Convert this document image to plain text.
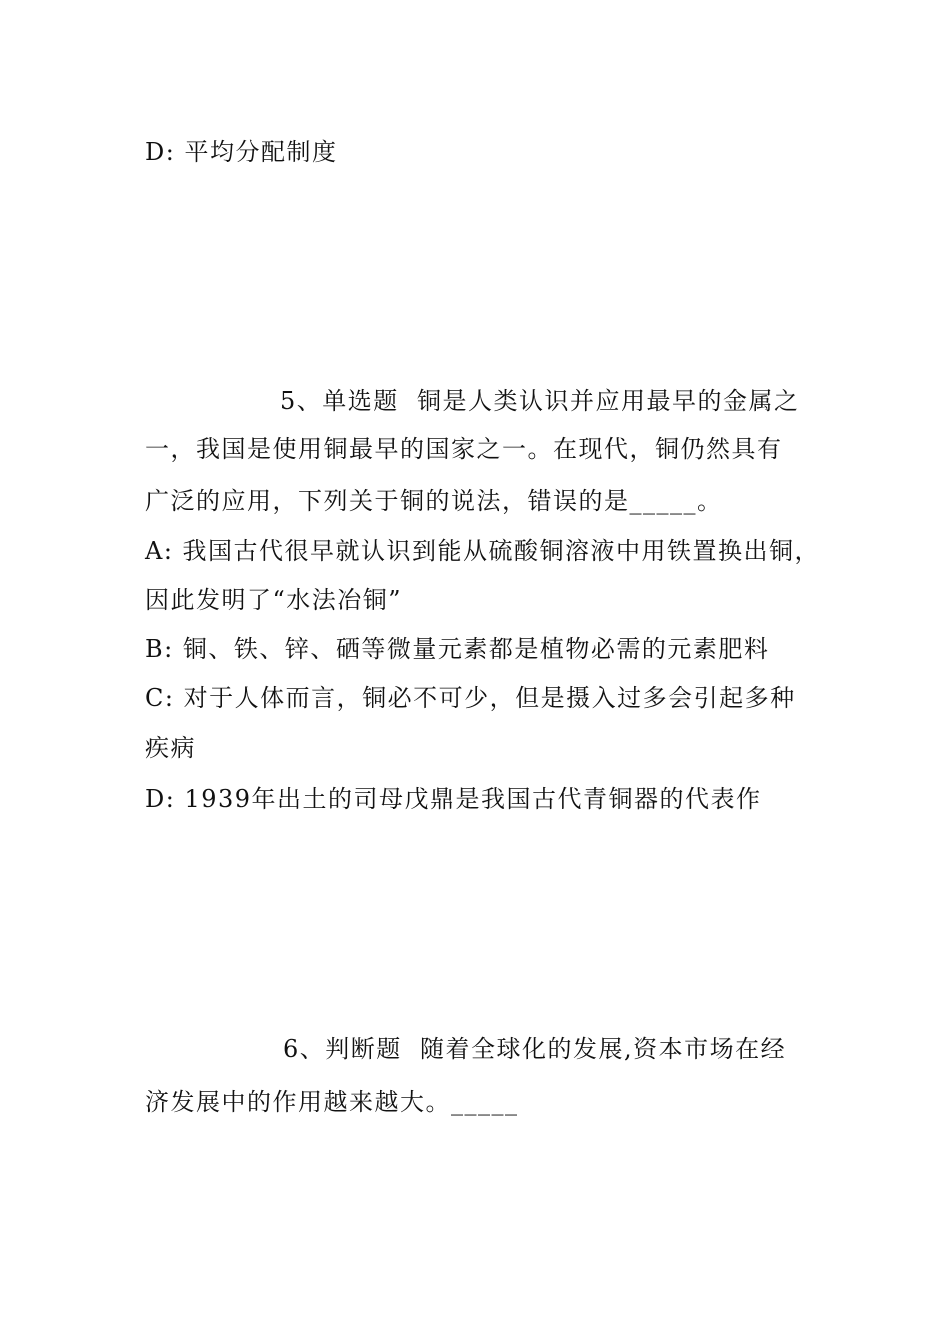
D: 平均分配制度
5、单选题  铜是人类认识并应用最早的金属之
一，我国是使用铜最早的国家之一。在现代，铜仍然具有
广泛的应用，下列关于铜的说法，错误的是_____。
A: 我国古代很早就认识到能从硫酸铜溶液中用铁置换出铜，
因此发明了“水法冶铜”
B: 铜、铁、锌、硒等微量元素都是植物必需的元素肥料
C: 对于人体而言，铜必不可少，但是摄入过多会引起多种
疾病
D: 1939年出土的司母戊鼎是我国古代青铜器的代表作
6、判断题  随着全球化的发展,资本市场在经
济发展中的作用越来越大。_____
